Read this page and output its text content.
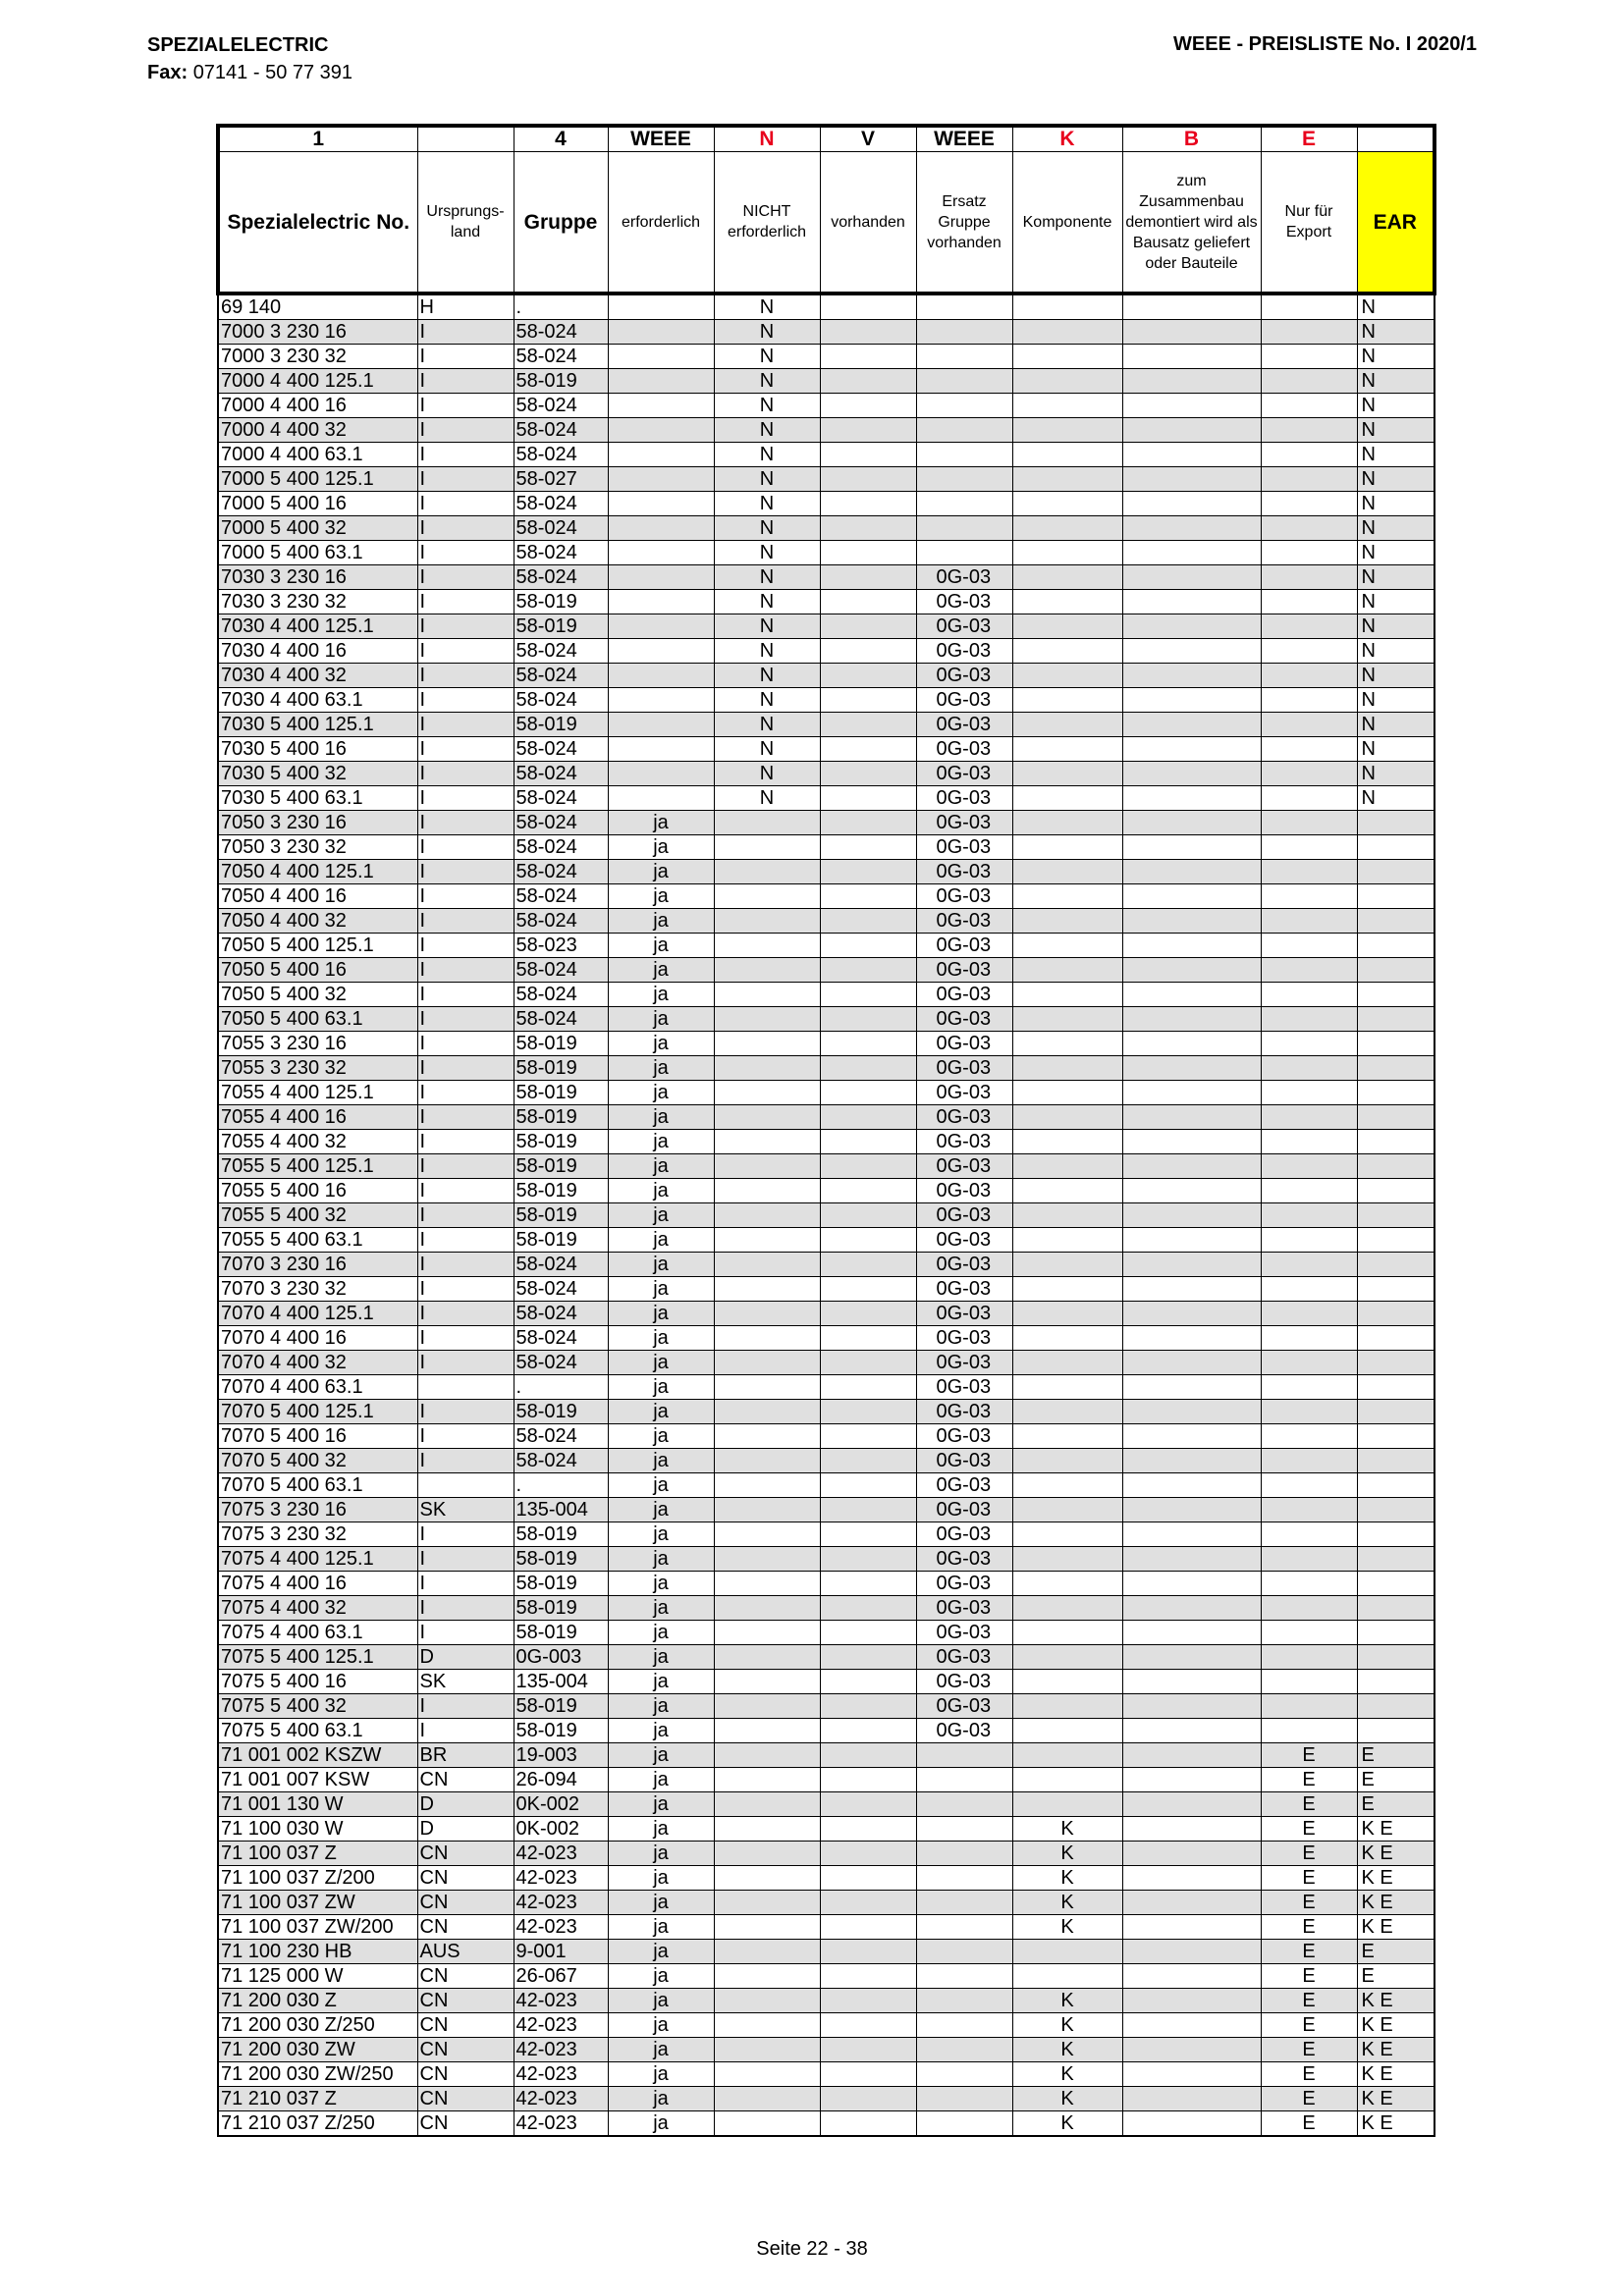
SPEZIALELECTRIC
Fax: 07141 - 50 77 391
WEEE - PREISLISTE No. I 2020/1
1		4	WEEE	N	V	WEEE	K	B	E	
Spezialelectric No.	Ursprungs-land	Gruppe	erforderlich	NICHT erforderlich	vorhanden	Ersatz Gruppe vorhanden	Komponente	zum Zusammenbau demontiert wird als Bausatz geliefert oder Bauteile	Nur für Export	EAR
69 140	H	.		N						N
7000 3 230 16	I	58-024		N						N
7000 3 230 32	I	58-024		N						N
7000 4 400 125.1	I	58-019		N						N
7000 4 400 16	I	58-024		N						N
7000 4 400 32	I	58-024		N						N
7000 4 400 63.1	I	58-024		N						N
7000 5 400 125.1	I	58-027		N						N
7000 5 400 16	I	58-024		N						N
7000 5 400 32	I	58-024		N						N
7000 5 400 63.1	I	58-024		N						N
7030 3 230 16	I	58-024		N		0G-03				N
7030 3 230 32	I	58-019		N		0G-03				N
7030 4 400 125.1	I	58-019		N		0G-03				N
7030 4 400 16	I	58-024		N		0G-03				N
7030 4 400 32	I	58-024		N		0G-03				N
7030 4 400 63.1	I	58-024		N		0G-03				N
7030 5 400 125.1	I	58-019		N		0G-03				N
7030 5 400 16	I	58-024		N		0G-03				N
7030 5 400 32	I	58-024		N		0G-03				N
7030 5 400 63.1	I	58-024		N		0G-03				N
7050 3 230 16	I	58-024	ja			0G-03				
7050 3 230 32	I	58-024	ja			0G-03				
7050 4 400 125.1	I	58-024	ja			0G-03				
7050 4 400 16	I	58-024	ja			0G-03				
7050 4 400 32	I	58-024	ja			0G-03				
7050 5 400 125.1	I	58-023	ja			0G-03				
7050 5 400 16	I	58-024	ja			0G-03				
7050 5 400 32	I	58-024	ja			0G-03				
7050 5 400 63.1	I	58-024	ja			0G-03				
7055 3 230 16	I	58-019	ja			0G-03				
7055 3 230 32	I	58-019	ja			0G-03				
7055 4 400 125.1	I	58-019	ja			0G-03				
7055 4 400 16	I	58-019	ja			0G-03				
7055 4 400 32	I	58-019	ja			0G-03				
7055 5 400 125.1	I	58-019	ja			0G-03				
7055 5 400 16	I	58-019	ja			0G-03				
7055 5 400 32	I	58-019	ja			0G-03				
7055 5 400 63.1	I	58-019	ja			0G-03				
7070 3 230 16	I	58-024	ja			0G-03				
7070 3 230 32	I	58-024	ja			0G-03				
7070 4 400 125.1	I	58-024	ja			0G-03				
7070 4 400 16	I	58-024	ja			0G-03				
7070 4 400 32	I	58-024	ja			0G-03				
7070 4 400 63.1		.	ja			0G-03				
7070 5 400 125.1	I	58-019	ja			0G-03				
7070 5 400 16	I	58-024	ja			0G-03				
7070 5 400 32	I	58-024	ja			0G-03				
7070 5 400 63.1		.	ja			0G-03				
7075 3 230 16	SK	135-004	ja			0G-03				
7075 3 230 32	I	58-019	ja			0G-03				
7075 4 400 125.1	I	58-019	ja			0G-03				
7075 4 400 16	I	58-019	ja			0G-03				
7075 4 400 32	I	58-019	ja			0G-03				
7075 4 400 63.1	I	58-019	ja			0G-03				
7075 5 400 125.1	D	0G-003	ja			0G-03				
7075 5 400 16	SK	135-004	ja			0G-03				
7075 5 400 32	I	58-019	ja			0G-03				
7075 5 400 63.1	I	58-019	ja			0G-03				
71 001 002 KSZW	BR	19-003	ja						E	E
71 001 007 KSW	CN	26-094	ja						E	E
71 001 130 W	D	0K-002	ja						E	E
71 100 030 W	D	0K-002	ja				K		E	K E
71 100 037 Z	CN	42-023	ja				K		E	K E
71 100 037 Z/200	CN	42-023	ja				K		E	K E
71 100 037 ZW	CN	42-023	ja				K		E	K E
71 100 037 ZW/200	CN	42-023	ja				K		E	K E
71 100 230 HB	AUS	9-001	ja						E	E
71 125 000 W	CN	26-067	ja						E	E
71 200 030 Z	CN	42-023	ja				K		E	K E
71 200 030 Z/250	CN	42-023	ja				K		E	K E
71 200 030 ZW	CN	42-023	ja				K		E	K E
71 200 030 ZW/250	CN	42-023	ja				K		E	K E
71 210 037 Z	CN	42-023	ja				K		E	K E
71 210 037 Z/250	CN	42-023	ja				K		E	K E
Seite 22 - 38
